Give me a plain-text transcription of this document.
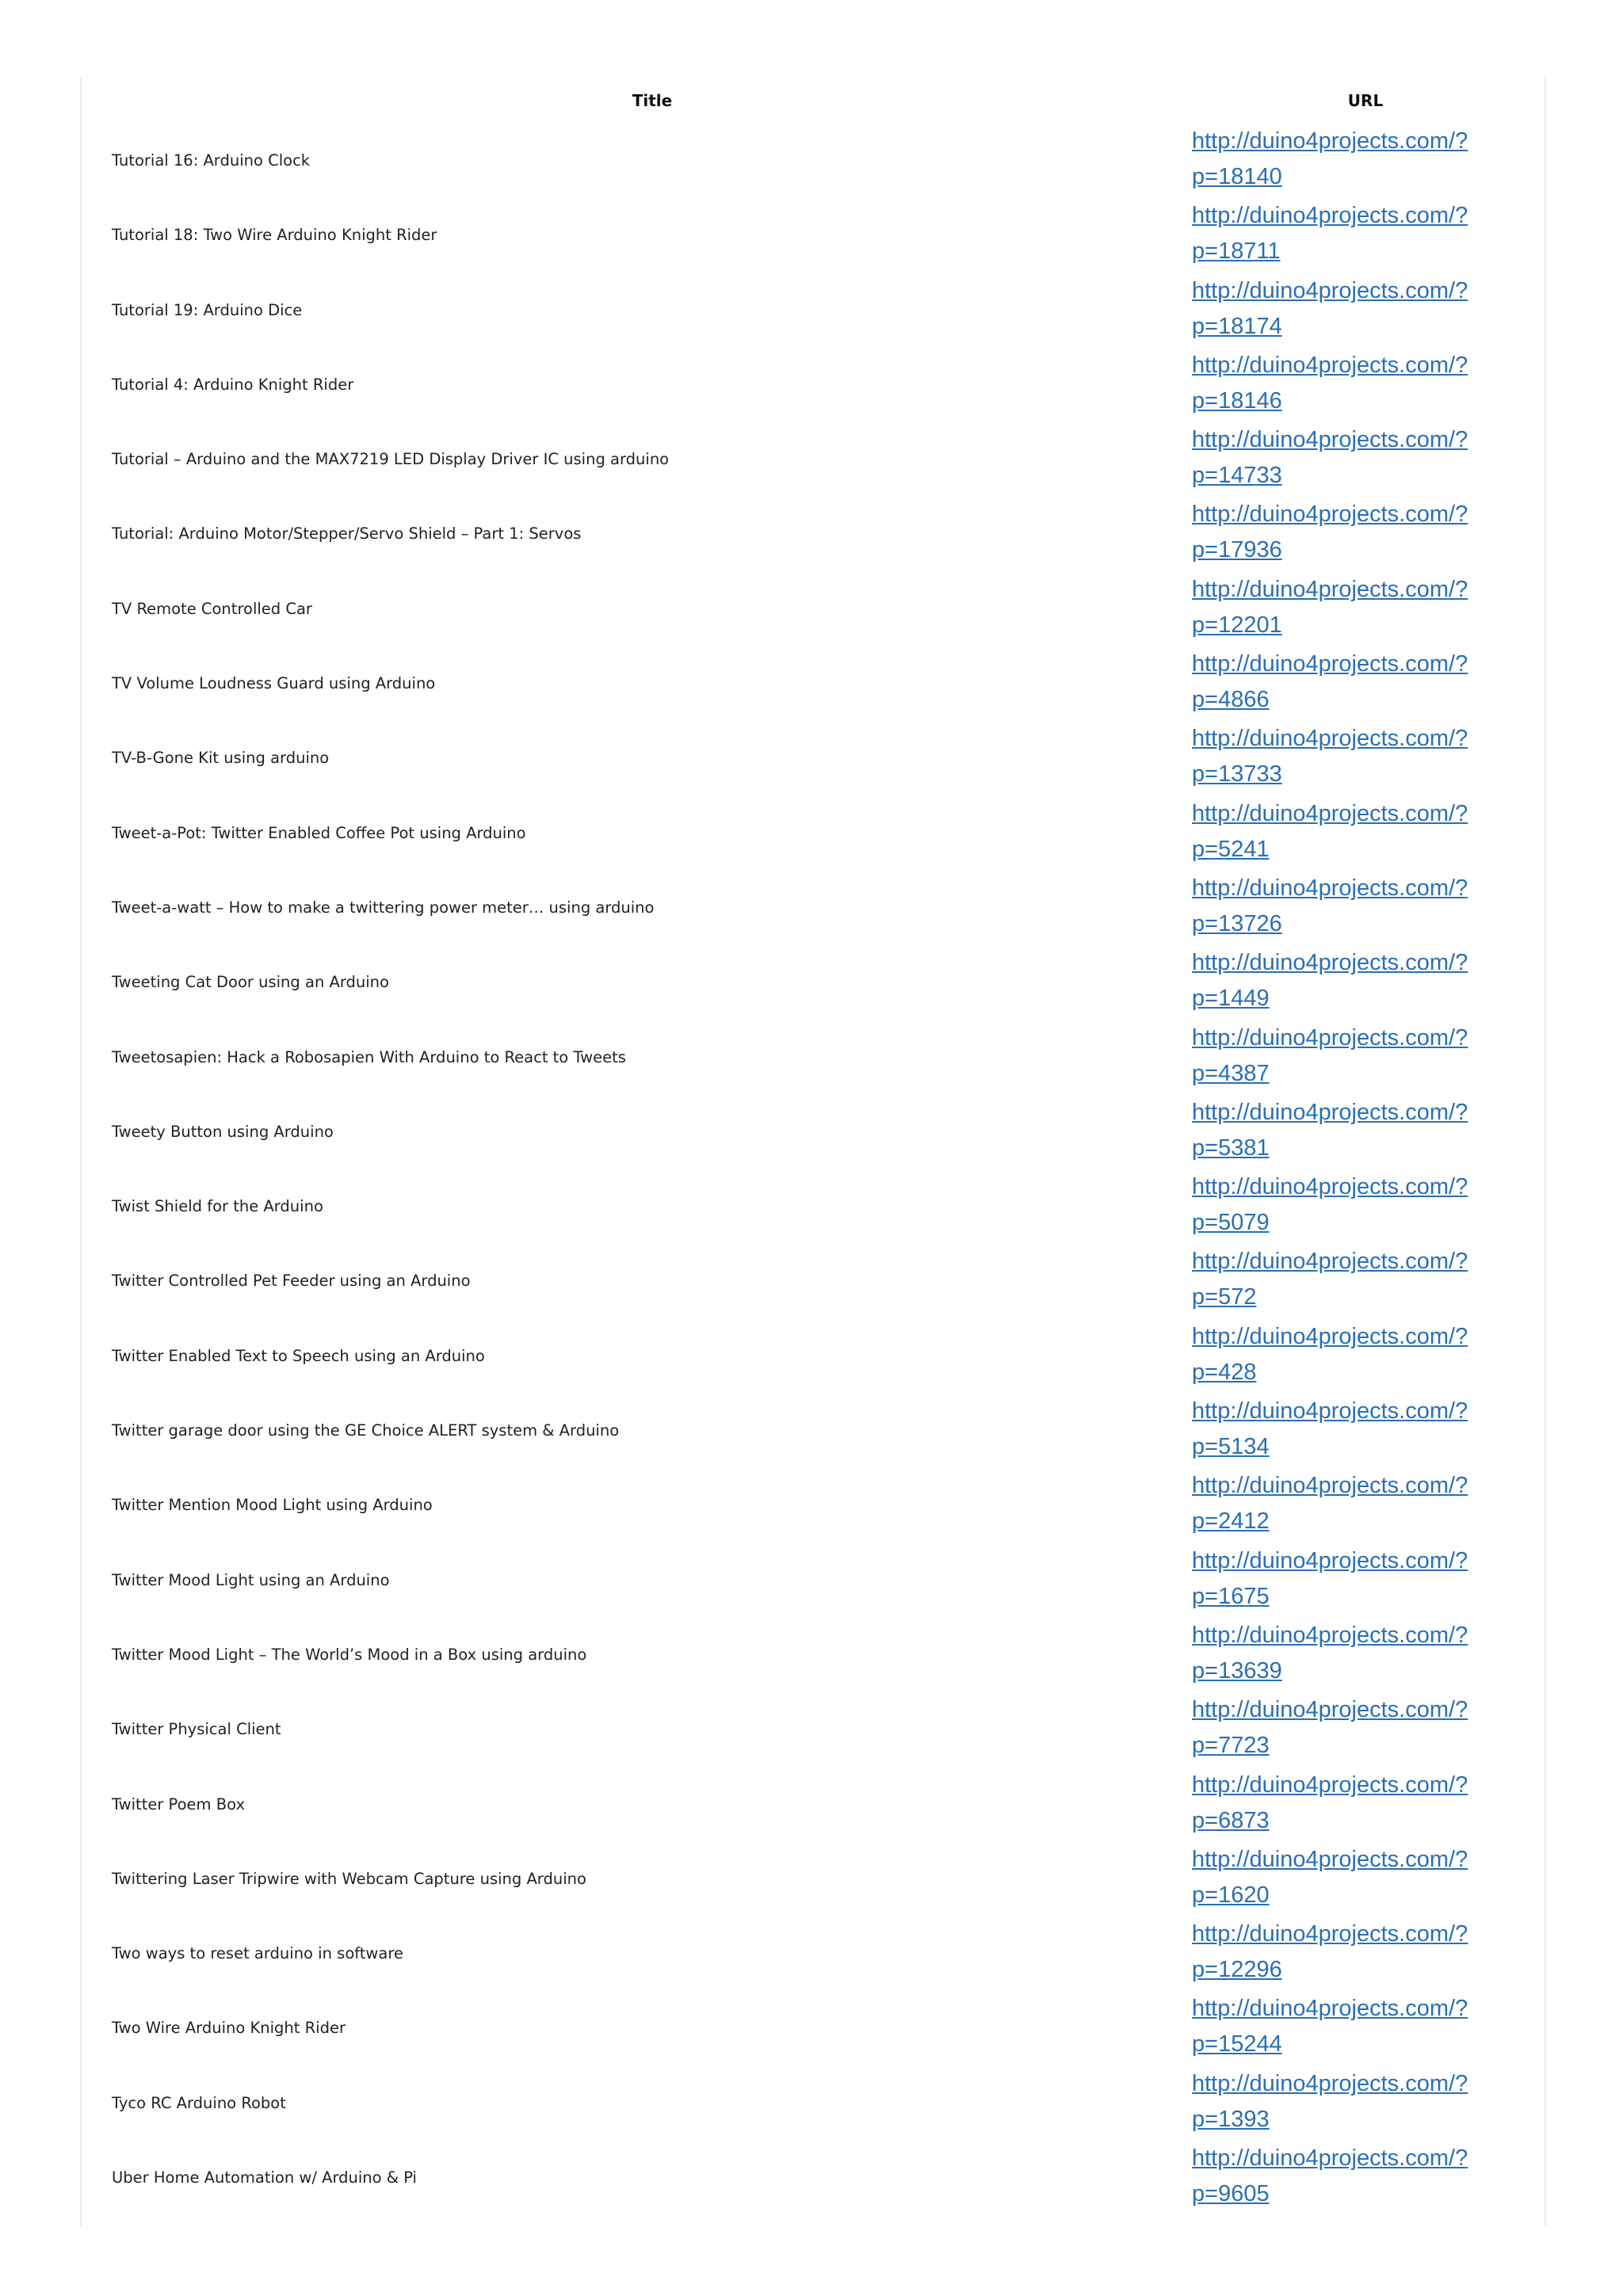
Title	URL
Tutorial 16: Arduino Clock
http://duino4projects.com/?
p=18140
Tutorial 18: Two Wire Arduino Knight Rider
http://duino4projects.com/?
p=18711
Tutorial 19: Arduino Dice
http://duino4projects.com/?
p=18174
Tutorial 4: Arduino Knight Rider
http://duino4projects.com/?
p=18146
Tutorial – Arduino and the MAX7219 LED Display Driver IC using arduino
http://duino4projects.com/?
p=14733
Tutorial: Arduino Motor/Stepper/Servo Shield – Part 1: Servos
http://duino4projects.com/?
p=17936
TV Remote Controlled Car
http://duino4projects.com/?
p=12201
TV Volume Loudness Guard using Arduino
http://duino4projects.com/?
p=4866
TV-B-Gone Kit using arduino
http://duino4projects.com/?
p=13733
Tweet-a-Pot: Twitter Enabled Coffee Pot using Arduino
http://duino4projects.com/?
p=5241
Tweet-a-watt – How to make a twittering power meter… using arduino
http://duino4projects.com/?
p=13726
Tweeting Cat Door using an Arduino
http://duino4projects.com/?
p=1449
Tweetosapien: Hack a Robosapien With Arduino to React to Tweets
http://duino4projects.com/?
p=4387
Tweety Button using Arduino
http://duino4projects.com/?
p=5381
Twist Shield for the Arduino
http://duino4projects.com/?
p=5079
Twitter Controlled Pet Feeder using an Arduino
http://duino4projects.com/?
p=572
Twitter Enabled Text to Speech using an Arduino
http://duino4projects.com/?
p=428
Twitter garage door using the GE Choice ALERT system & Arduino
http://duino4projects.com/?
p=5134
Twitter Mention Mood Light using Arduino
http://duino4projects.com/?
p=2412
Twitter Mood Light using an Arduino
http://duino4projects.com/?
p=1675
Twitter Mood Light – The World’s Mood in a Box using arduino
http://duino4projects.com/?
p=13639
Twitter Physical Client
http://duino4projects.com/?
p=7723
Twitter Poem Box
http://duino4projects.com/?
p=6873
Twittering Laser Tripwire with Webcam Capture using Arduino
http://duino4projects.com/?
p=1620
Two ways to reset arduino in software
http://duino4projects.com/?
p=12296
Two Wire Arduino Knight Rider
http://duino4projects.com/?
p=15244
Tyco RC Arduino Robot
http://duino4projects.com/?
p=1393
Uber Home Automation w/ Arduino & Pi
http://duino4projects.com/?
p=9605
